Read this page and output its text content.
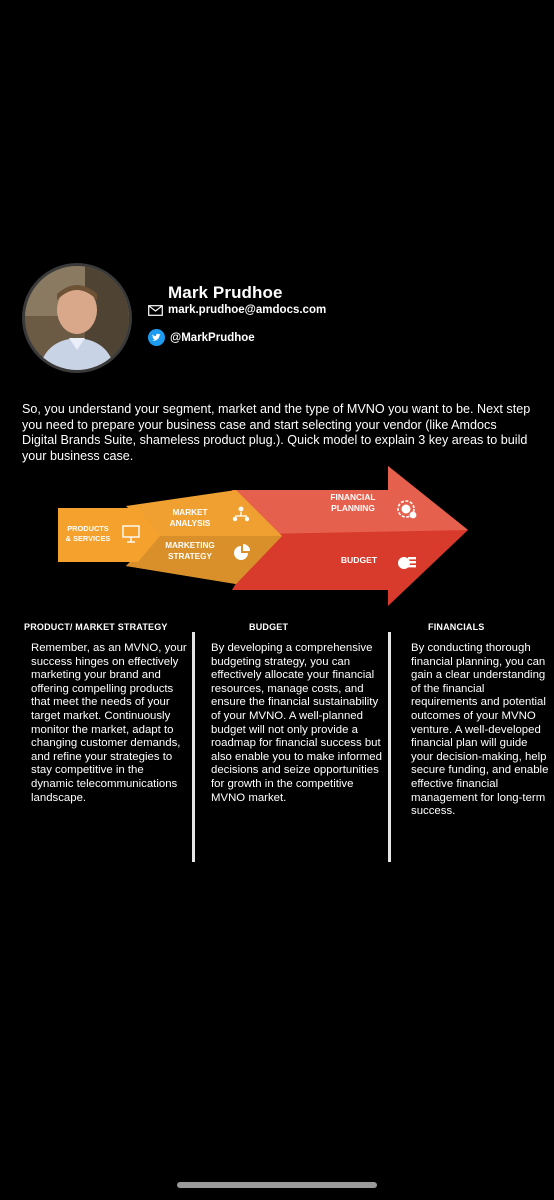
Mark Prudhoe
mark.prudhoe@amdocs.com
@MarkPrudhoe
So, you understand your segment, market and the type of MVNO you want to be. Next step you need to prepare your business case and start selecting your vendor (like Amdocs Digital Brands Suite, shameless product plug.). Quick model to explain 3 key areas to build your business case.
PRODUCTS
& SERVICES
MARKET
ANALYSIS
MARKETING
STRATEGY
FINANCIAL
PLANNING
BUDGET
PRODUCT/ MARKET STRATEGY	BUDGET	FINANCIALS
Remember, as an MVNO, your success hinges on effectively marketing your brand and offering compelling products that meet the needs of your target market. Continuously monitor the market, adapt to changing customer demands, and refine your strategies to stay competitive in the dynamic telecommunications landscape.
By developing a comprehensive budgeting strategy, you can effectively allocate your financial resources, manage costs, and ensure the financial sustainability of your MVNO. A well-planned budget will not only provide a roadmap for financial success but also enable you to make informed decisions and seize opportunities for growth in the competitive MVNO market.
By conducting thorough financial planning, you can gain a clear understanding of the financial requirements and potential outcomes of your MVNO venture. A well-developed financial plan will guide your decision-making, help secure funding, and enable effective financial management for long-term success.
